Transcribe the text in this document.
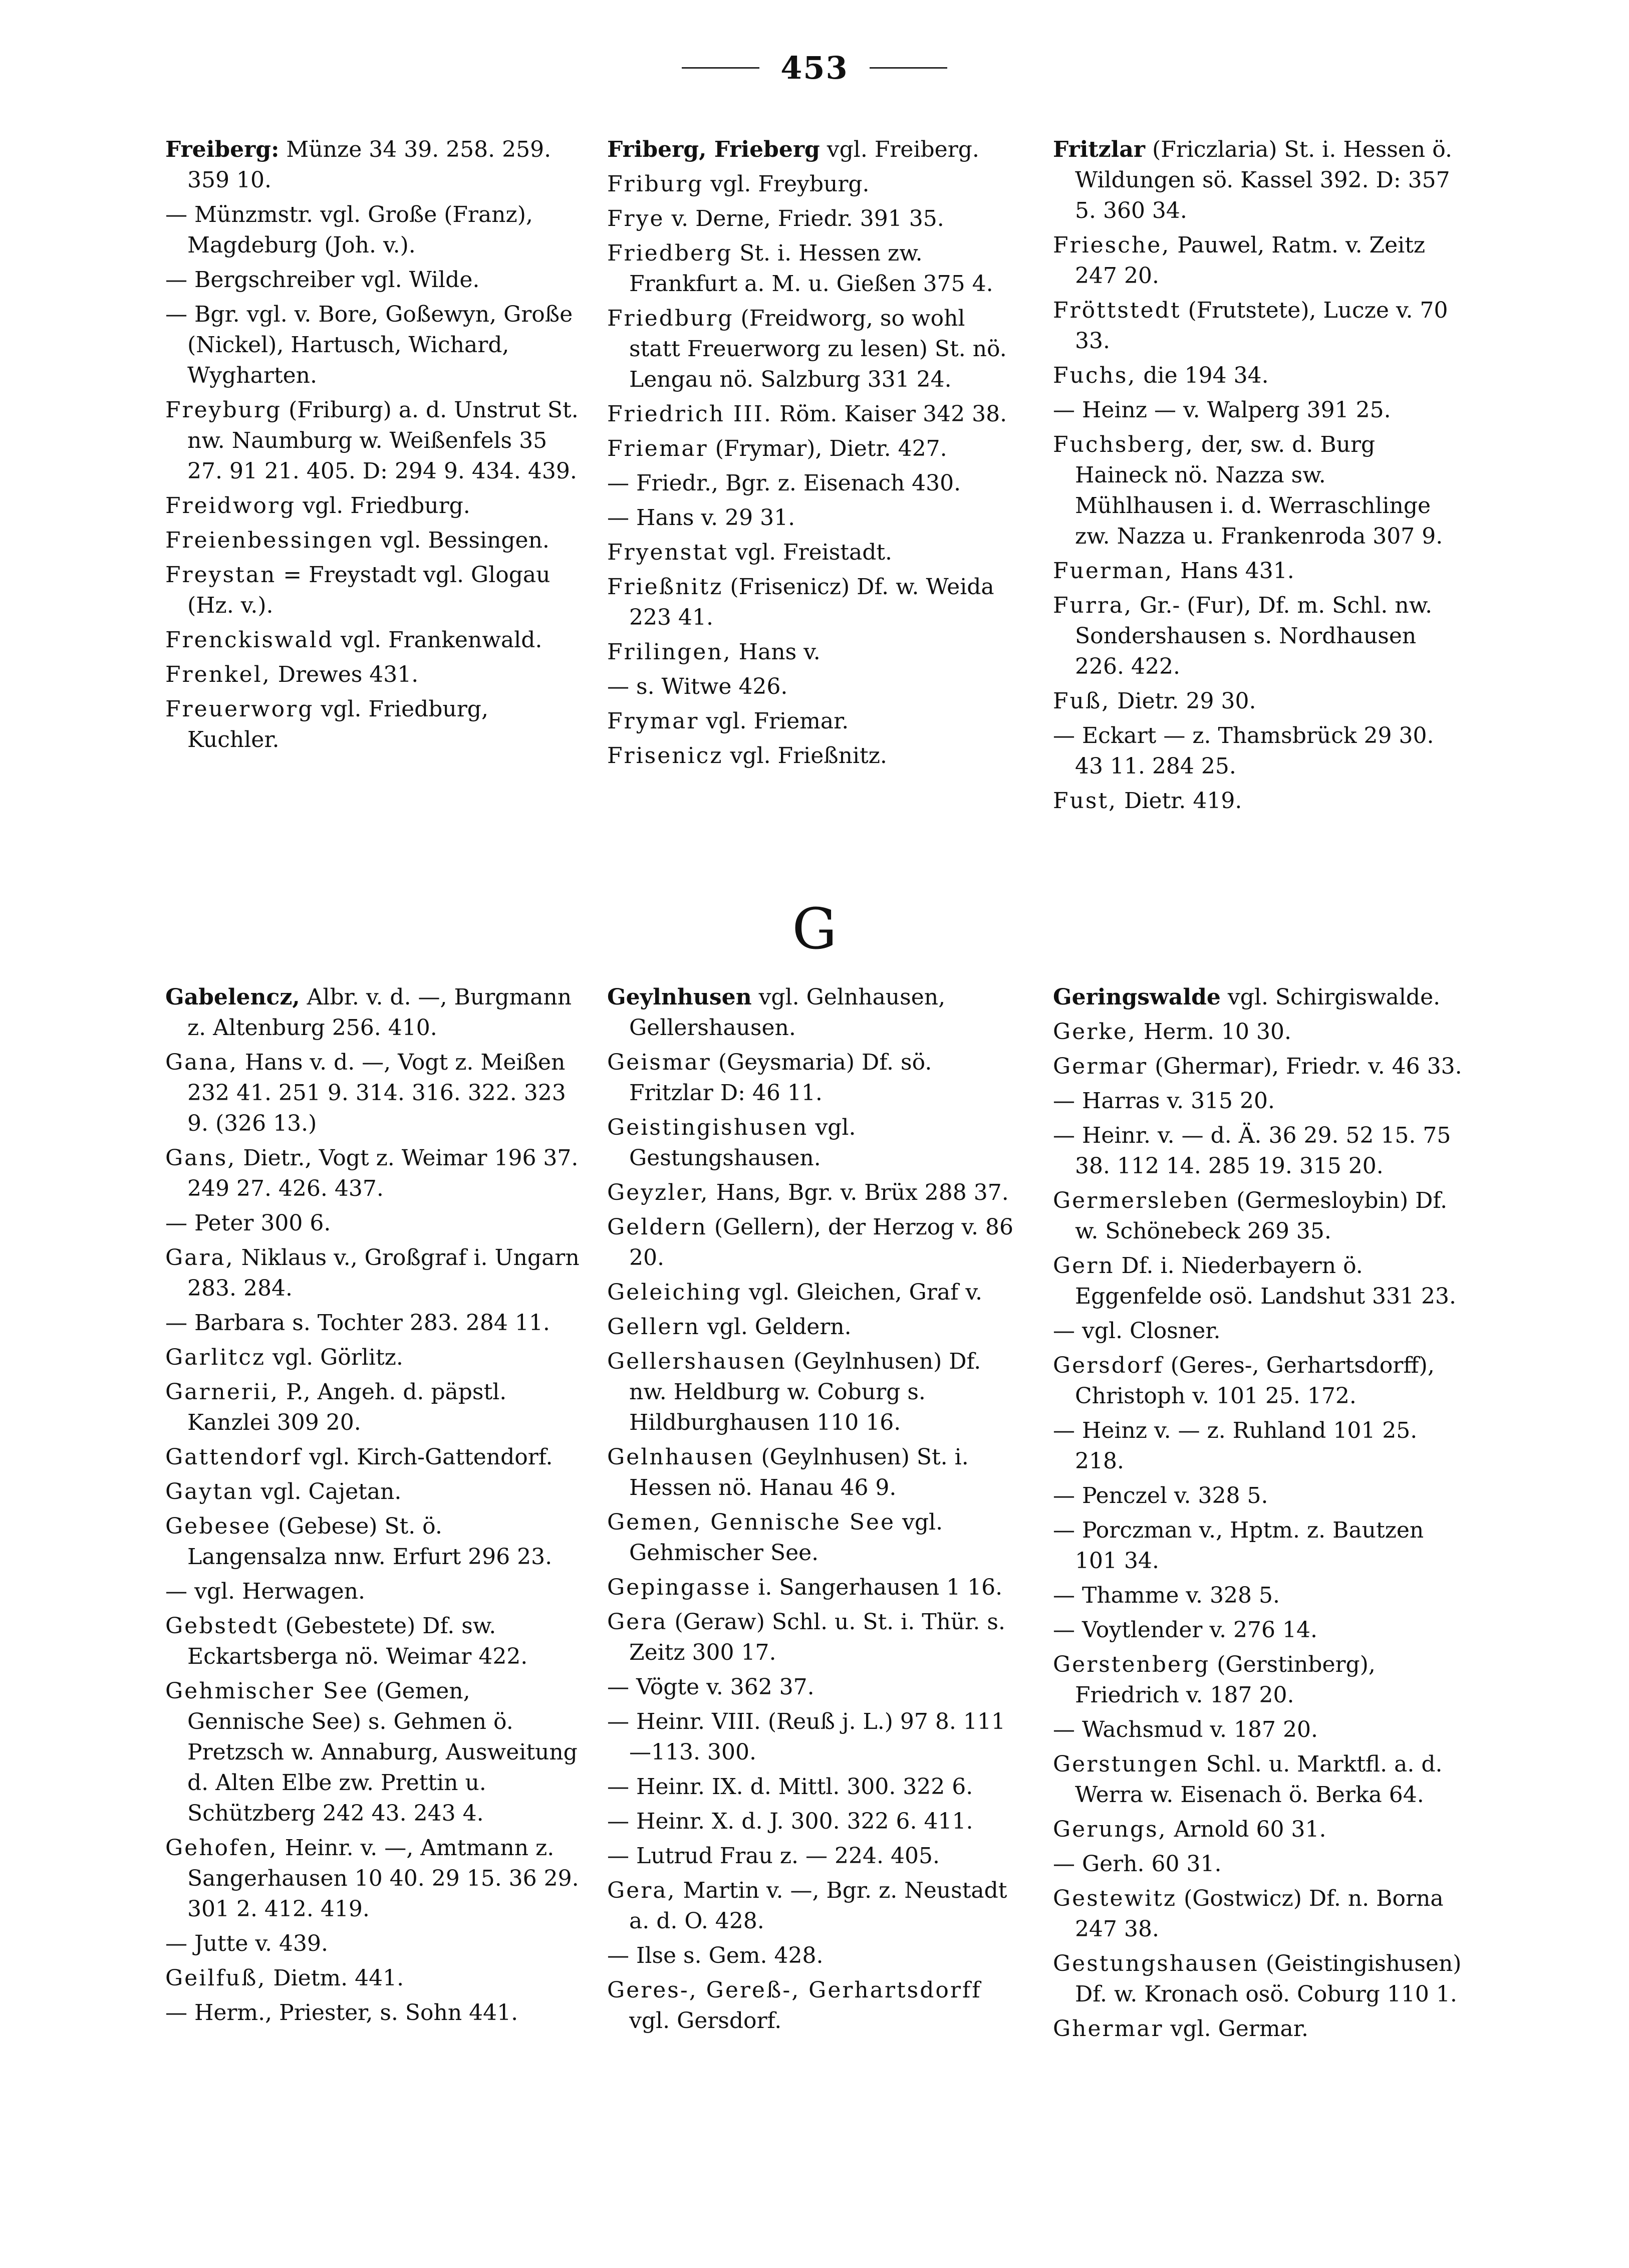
453
Freiberg: Münze 34 39. 258. 259. 359 10.
— Münzmstr. vgl. Große (Franz), Magdeburg (Joh. v.).
— Bergschreiber vgl. Wilde.
— Bgr. vgl. v. Bore, Goßewyn, Große (Nickel), Hartusch, Wichard, Wygharten.
Freyburg (Friburg) a. d. Unstrut St. nw. Naumburg w. Weißenfels 35 27. 91 21. 405. D: 294 9. 434. 439.
Freidworg vgl. Friedburg.
Freienbessingen vgl. Bessingen.
Freystan = Freystadt vgl. Glogau (Hz. v.).
Frenckiswald vgl. Frankenwald.
Frenkel, Drewes 431.
Freuerworg vgl. Friedburg, Kuchler.
Friberg, Frieberg vgl. Freiberg.
Friburg vgl. Freyburg.
Frye v. Derne, Friedr. 391 35.
Friedberg St. i. Hessen zw. Frankfurt a. M. u. Gießen 375 4.
Friedburg (Freidworg, so wohl statt Freuerworg zu lesen) St. nö. Lengau nö. Salzburg 331 24.
Friedrich III. Röm. Kaiser 342 38.
Friemar (Frymar), Dietr. 427.
— Friedr., Bgr. z. Eisenach 430.
— Hans v. 29 31.
Fryenstat vgl. Freistadt.
Frießnitz (Frisenicz) Df. w. Weida 223 41.
Frilingen, Hans v.
— s. Witwe 426.
Frymar vgl. Friemar.
Frisenicz vgl. Frießnitz.
Fritzlar (Friczlaria) St. i. Hessen ö. Wildungen sö. Kassel 392. D: 357 5. 360 34.
Friesche, Pauwel, Ratm. v. Zeitz 247 20.
Fröttstedt (Frutstete), Lucze v. 70 33.
Fuchs, die 194 34.
— Heinz — v. Walperg 391 25.
Fuchsberg, der, sw. d. Burg Haineck nö. Nazza sw. Mühlhausen i. d. Werraschlinge zw. Nazza u. Frankenroda 307 9.
Fuerman, Hans 431.
Furra, Gr.- (Fur), Df. m. Schl. nw. Sondershausen s. Nordhausen 226. 422.
Fuß, Dietr. 29 30.
— Eckart — z. Thamsbrück 29 30. 43 11. 284 25.
Fust, Dietr. 419.
G
Gabelencz, Albr. v. d. —, Burgmann z. Altenburg 256. 410.
Gana, Hans v. d. —, Vogt z. Meißen 232 41. 251 9. 314. 316. 322. 323 9. (326 13.)
Gans, Dietr., Vogt z. Weimar 196 37. 249 27. 426. 437.
— Peter 300 6.
Gara, Niklaus v., Großgraf i. Ungarn 283. 284.
— Barbara s. Tochter 283. 284 11.
Garlitcz vgl. Görlitz.
Garnerii, P., Angeh. d. päpstl. Kanzlei 309 20.
Gattendorf vgl. Kirch-Gattendorf.
Gaytan vgl. Cajetan.
Gebesee (Gebese) St. ö. Langensalza nnw. Erfurt 296 23.
— vgl. Herwagen.
Gebstedt (Gebestete) Df. sw. Eckartsberga nö. Weimar 422.
Gehmischer See (Gemen, Gennische See) s. Gehmen ö. Pretzsch w. Annaburg, Ausweitung d. Alten Elbe zw. Prettin u. Schützberg 242 43. 243 4.
Gehofen, Heinr. v. —, Amtmann z. Sangerhausen 10 40. 29 15. 36 29. 301 2. 412. 419.
— Jutte v. 439.
Geilfuß, Dietm. 441.
— Herm., Priester, s. Sohn 441.
Geylnhusen vgl. Gelnhausen, Gellershausen.
Geismar (Geysmaria) Df. sö. Fritzlar D: 46 11.
Geistingishusen vgl. Gestungshausen.
Geyzler, Hans, Bgr. v. Brüx 288 37.
Geldern (Gellern), der Herzog v. 86 20.
Geleiching vgl. Gleichen, Graf v.
Gellern vgl. Geldern.
Gellershausen (Geylnhusen) Df. nw. Heldburg w. Coburg s. Hildburghausen 110 16.
Gelnhausen (Geylnhusen) St. i. Hessen nö. Hanau 46 9.
Gemen, Gennische See vgl. Gehmischer See.
Gepingasse i. Sangerhausen 1 16.
Gera (Geraw) Schl. u. St. i. Thür. s. Zeitz 300 17.
— Vögte v. 362 37.
— Heinr. VIII. (Reuß j. L.) 97 8. 111—113. 300.
— Heinr. IX. d. Mittl. 300. 322 6.
— Heinr. X. d. J. 300. 322 6. 411.
— Lutrud Frau z. — 224. 405.
Gera, Martin v. —, Bgr. z. Neustadt a. d. O. 428.
— Ilse s. Gem. 428.
Geres-, Gereß-, Gerhartsdorff vgl. Gersdorf.
Geringswalde vgl. Schirgiswalde.
Gerke, Herm. 10 30.
Germar (Ghermar), Friedr. v. 46 33.
— Harras v. 315 20.
— Heinr. v. — d. Ä. 36 29. 52 15. 75 38. 112 14. 285 19. 315 20.
Germersleben (Germesloybin) Df. w. Schönebeck 269 35.
Gern Df. i. Niederbayern ö. Eggenfelde osö. Landshut 331 23.
— vgl. Closner.
Gersdorf (Geres-, Gerhartsdorff), Christoph v. 101 25. 172.
— Heinz v. — z. Ruhland 101 25. 218.
— Penczel v. 328 5.
— Porczman v., Hptm. z. Bautzen 101 34.
— Thamme v. 328 5.
— Voytlender v. 276 14.
Gerstenberg (Gerstinberg), Friedrich v. 187 20.
— Wachsmud v. 187 20.
Gerstungen Schl. u. Marktfl. a. d. Werra w. Eisenach ö. Berka 64.
Gerungs, Arnold 60 31.
— Gerh. 60 31.
Gestewitz (Gostwicz) Df. n. Borna 247 38.
Gestungshausen (Geistingishusen) Df. w. Kronach osö. Coburg 110 1.
Ghermar vgl. Germar.
